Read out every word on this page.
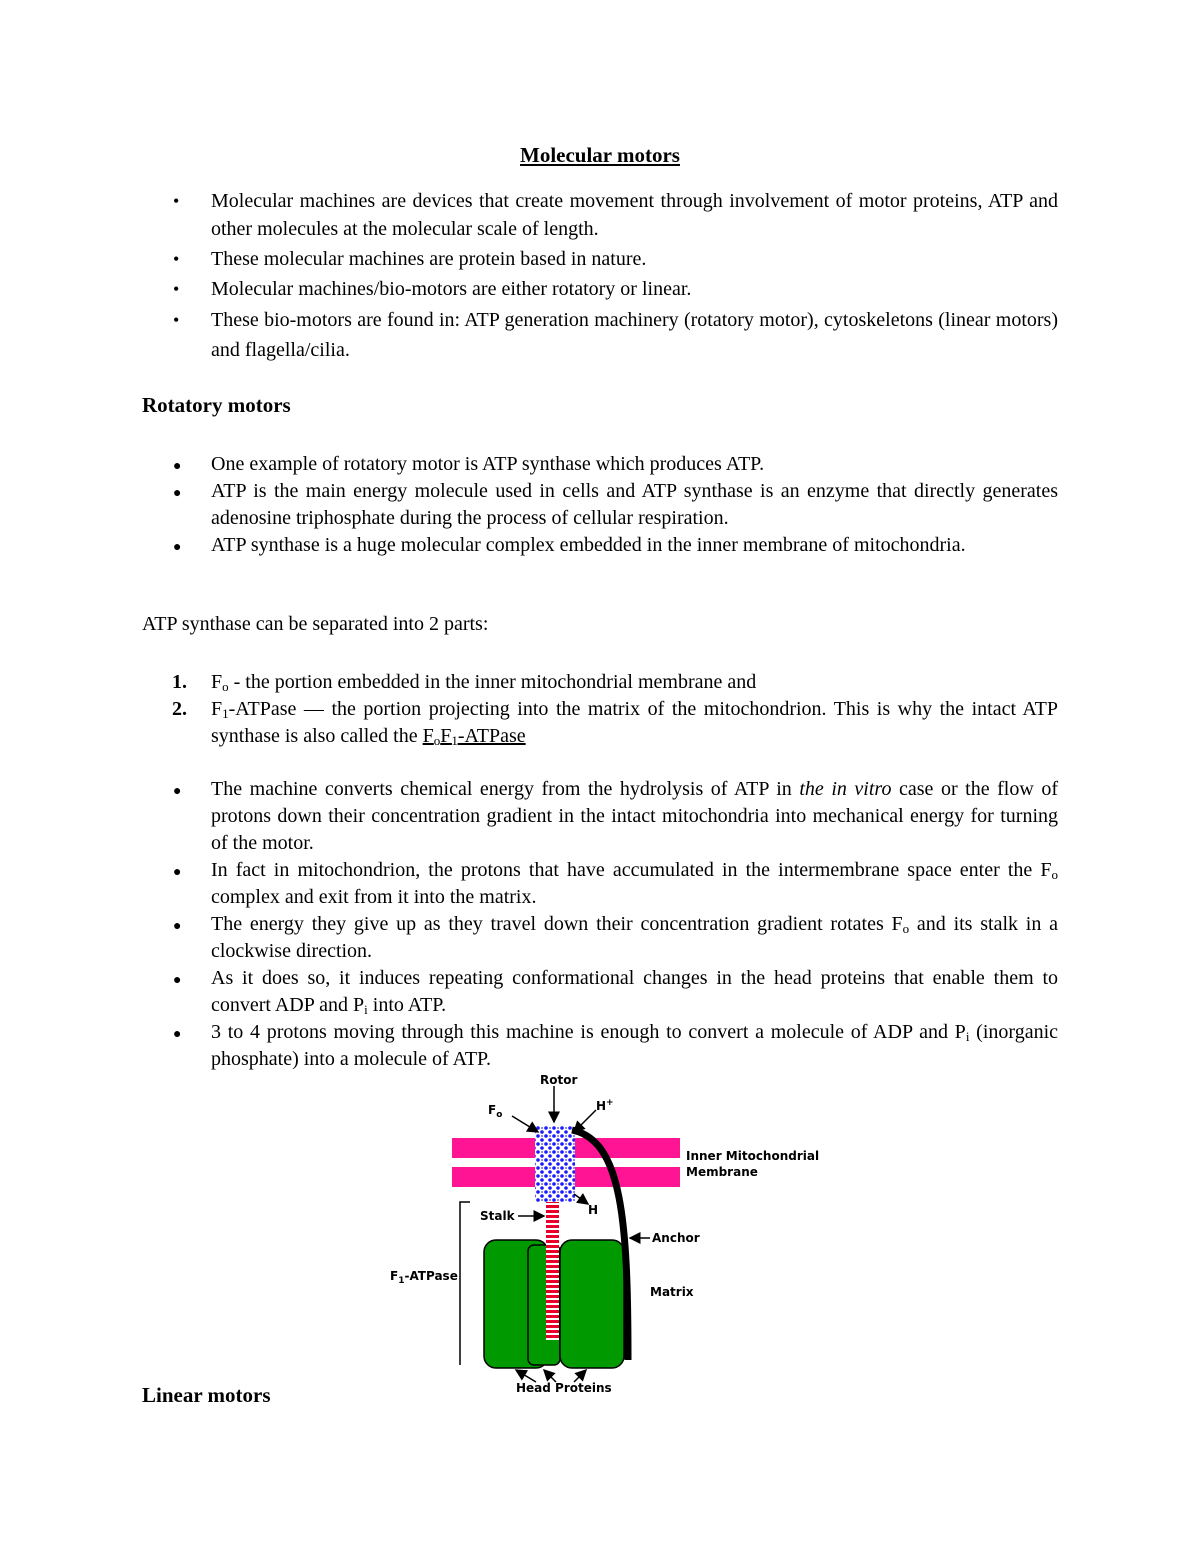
Molecular motors
•
Molecular machines are devices that create movement through involvement of motor proteins, ATP and other molecules at the molecular scale of length.
•
These molecular machines are protein based in nature.
•
Molecular machines/bio-motors are either rotatory or linear.
•
These bio-motors are found in: ATP generation machinery (rotatory motor), cytoskeletons (linear motors) and flagella/cilia.
Rotatory motors
●
One example of rotatory motor is ATP synthase which produces ATP.
●
ATP is the main energy molecule used in cells and ATP synthase is an enzyme that directly generates adenosine triphosphate during the process of cellular respiration.
●
ATP synthase is a huge molecular complex embedded in the inner membrane of mitochondria.
ATP synthase can be separated into 2 parts:
1. $F_o$ - the portion embedded in the inner mitochondrial membrane and
2. $F_1$-ATPase — the portion projecting into the matrix of the mitochondrion. This is why the intact ATP synthase is also called the $F_oF_1$-ATPase
●
The machine converts chemical energy from the hydrolysis of ATP in the in vitro case or the flow of protons down their concentration gradient in the intact mitochondria into mechanical energy for turning of the motor.
●
In fact in mitochondrion, the protons that have accumulated in the intermembrane space enter the $F_o$ complex and exit from it into the matrix.
●
The energy they give up as they travel down their concentration gradient rotates $F_o$ and its stalk in a clockwise direction.
●
As it does so, it induces repeating conformational changes in the head proteins that enable them to convert ADP and $P_i$ into ATP.
●
3 to 4 protons moving through this machine is enough to convert a molecule of ADP and $P_i$ (inorganic phosphate) into a molecule of ATP.
Rotor
$F_o$
H+
Inner Mitochondrial
Membrane
H
Stalk
Anchor
$F_1$-ATPase
Matrix
Head Proteins
Linear motors
